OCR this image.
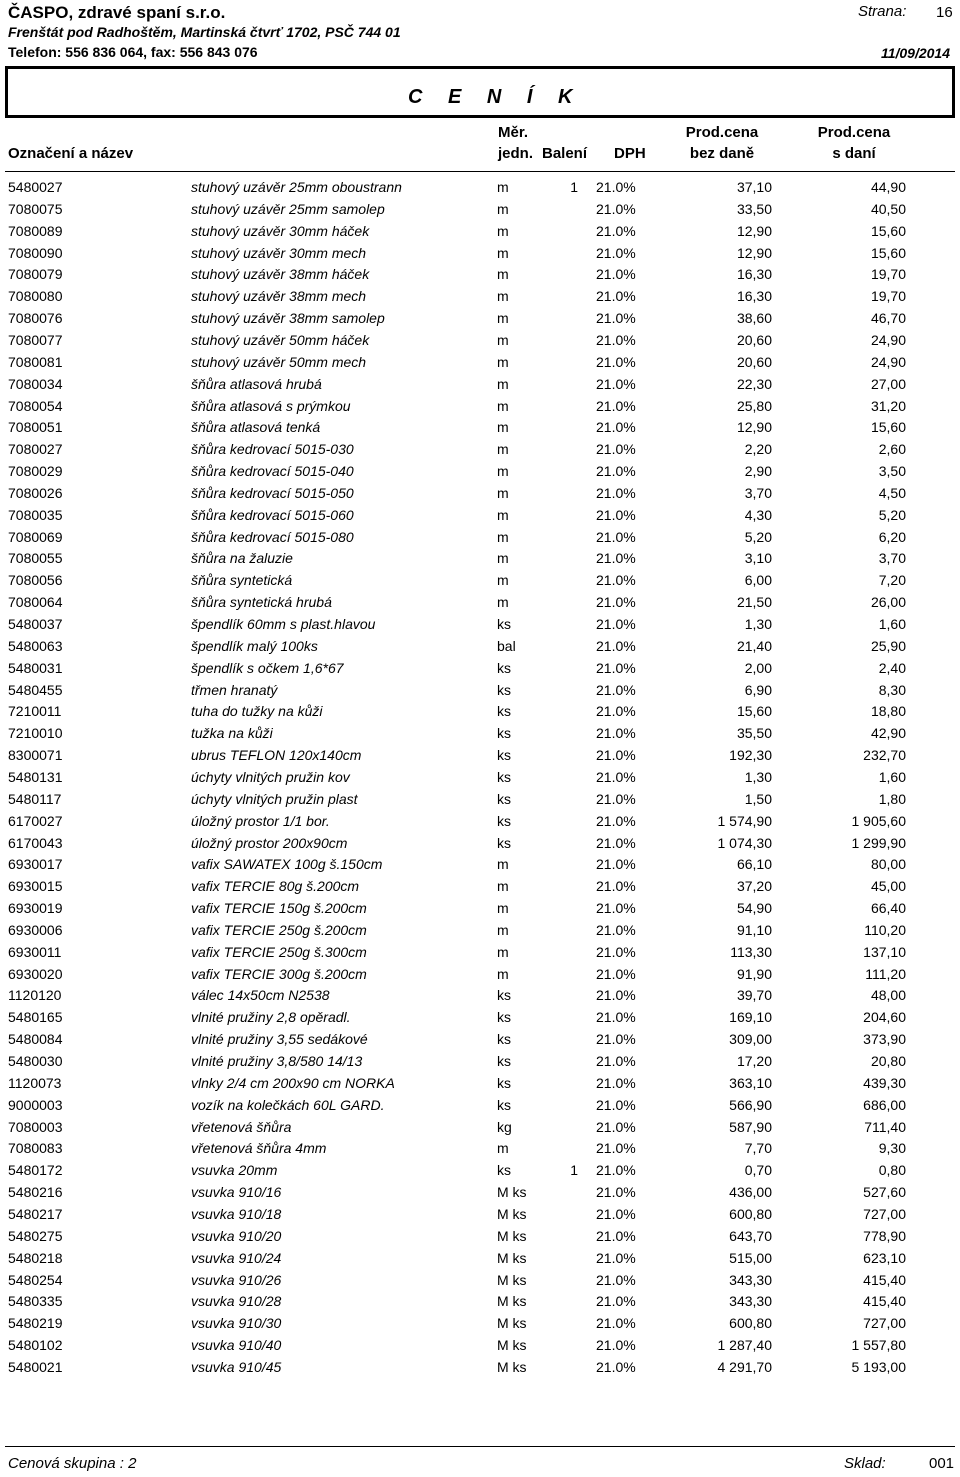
ČASPO, zdravé spaní s.r.o.
Frenštát pod Radhoštěm, Martinská čtvrť 1702, PSČ 744 01
Telefon: 556 836 064, fax: 556 843 076
Strana: 16
11/09/2014
C E N Í K
Označení a název
Měr.
jedn. Balení DPH
Prod.cena
bez daně
Prod.cena
s daní
5480027	stuhový uzávěr 25mm oboustrann	m	1 21.0%	37,10	44,90
7080075	stuhový uzávěr 25mm samolep	m	21.0%	33,50	40,50
7080089	stuhový uzávěr 30mm háček	m	21.0%	12,90	15,60
7080090	stuhový uzávěr 30mm mech	m	21.0%	12,90	15,60
7080079	stuhový uzávěr 38mm háček	m	21.0%	16,30	19,70
7080080	stuhový uzávěr 38mm mech	m	21.0%	16,30	19,70
7080076	stuhový uzávěr 38mm samolep	m	21.0%	38,60	46,70
7080077	stuhový uzávěr 50mm háček	m	21.0%	20,60	24,90
7080081	stuhový uzávěr 50mm mech	m	21.0%	20,60	24,90
7080034	šňůra atlasová hrubá	m	21.0%	22,30	27,00
7080054	šňůra atlasová s prýmkou	m	21.0%	25,80	31,20
7080051	šňůra atlasová tenká	m	21.0%	12,90	15,60
7080027	šňůra kedrovací 5015-030	m	21.0%	2,20	2,60
7080029	šňůra kedrovací 5015-040	m	21.0%	2,90	3,50
7080026	šňůra kedrovací 5015-050	m	21.0%	3,70	4,50
7080035	šňůra kedrovací 5015-060	m	21.0%	4,30	5,20
7080069	šňůra kedrovací 5015-080	m	21.0%	5,20	6,20
7080055	šňůra na žaluzie	m	21.0%	3,10	3,70
7080056	šňůra syntetická	m	21.0%	6,00	7,20
7080064	šňůra syntetická hrubá	m	21.0%	21,50	26,00
5480037	špendlík 60mm s plast.hlavou	ks	21.0%	1,30	1,60
5480063	špendlík malý 100ks	bal	21.0%	21,40	25,90
5480031	špendlík s očkem 1,6*67	ks	21.0%	2,00	2,40
5480455	třmen hranatý	ks	21.0%	6,90	8,30
7210011	tuha do tužky na kůži	ks	21.0%	15,60	18,80
7210010	tužka na kůži	ks	21.0%	35,50	42,90
8300071	ubrus TEFLON 120x140cm	ks	21.0%	192,30	232,70
5480131	úchyty vlnitých pružin kov	ks	21.0%	1,30	1,60
5480117	úchyty vlnitých pružin plast	ks	21.0%	1,50	1,80
6170027	úložný prostor 1/1 bor.	ks	21.0%	1 574,90	1 905,60
6170043	úložný prostor 200x90cm	ks	21.0%	1 074,30	1 299,90
6930017	vafix SAWATEX 100g š.150cm	m	21.0%	66,10	80,00
6930015	vafix TERCIE 80g š.200cm	m	21.0%	37,20	45,00
6930019	vafix TERCIE 150g š.200cm	m	21.0%	54,90	66,40
6930006	vafix TERCIE 250g š.200cm	m	21.0%	91,10	110,20
6930011	vafix TERCIE 250g š.300cm	m	21.0%	113,30	137,10
6930020	vafix TERCIE 300g š.200cm	m	21.0%	91,90	111,20
1120120	válec 14x50cm N2538	ks	21.0%	39,70	48,00
5480165	vlnité pružiny 2,8 opěradl.	ks	21.0%	169,10	204,60
5480084	vlnité pružiny 3,55 sedákové	ks	21.0%	309,00	373,90
5480030	vlnité pružiny 3,8/580 14/13	ks	21.0%	17,20	20,80
1120073	vlnky 2/4 cm 200x90 cm NORKA	ks	21.0%	363,10	439,30
9000003	vozík na kolečkách 60L GARD.	ks	21.0%	566,90	686,00
7080003	vřetenová šňůra	kg	21.0%	587,90	711,40
7080083	vřetenová šňůra 4mm	m	21.0%	7,70	9,30
5480172	vsuvka 20mm	ks	1 21.0%	0,70	0,80
5480216	vsuvka 910/16	M ks	21.0%	436,00	527,60
5480217	vsuvka 910/18	M ks	21.0%	600,80	727,00
5480275	vsuvka 910/20	M ks	21.0%	643,70	778,90
5480218	vsuvka 910/24	M ks	21.0%	515,00	623,10
5480254	vsuvka 910/26	M ks	21.0%	343,30	415,40
5480335	vsuvka 910/28	M ks	21.0%	343,30	415,40
5480219	vsuvka 910/30	M ks	21.0%	600,80	727,00
5480102	vsuvka 910/40	M ks	21.0%	1 287,40	1 557,80
5480021	vsuvka 910/45	M ks	21.0%	4 291,70	5 193,00
Cenová skupina : 2	Sklad:	001
